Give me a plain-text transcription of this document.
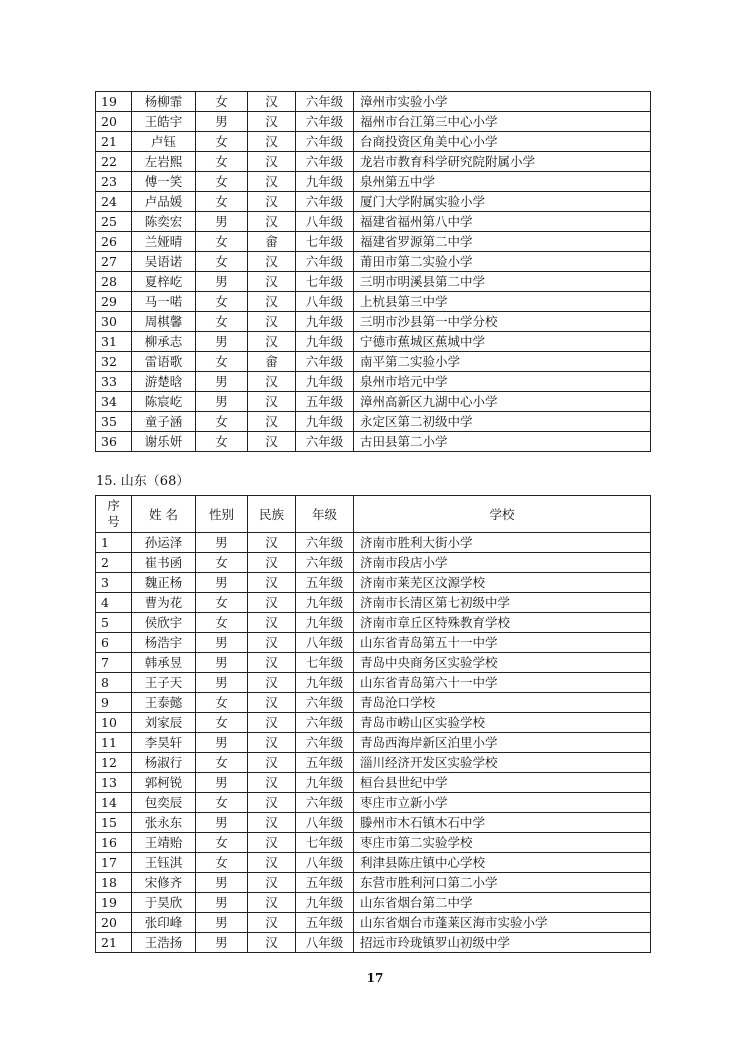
19	杨柳霏	女	汉	六年级	漳州市实验小学
20	王皓宇	男	汉	六年级	福州市台江第三中心小学
21	卢钰	女	汉	六年级	台商投资区角美中心小学
22	左岩熙	女	汉	六年级	龙岩市教育科学研究院附属小学
23	傅一笑	女	汉	九年级	泉州第五中学
24	卢品媛	女	汉	六年级	厦门大学附属实验小学
25	陈奕宏	男	汉	八年级	福建省福州第八中学
26	兰娅晴	女	畲	七年级	福建省罗源第二中学
27	吴语诺	女	汉	六年级	莆田市第二实验小学
28	夏梓屹	男	汉	七年级	三明市明溪县第二中学
29	马一喏	女	汉	八年级	上杭县第三中学
30	周棋馨	女	汉	九年级	三明市沙县第一中学分校
31	柳承志	男	汉	九年级	宁德市蕉城区蕉城中学
32	雷语歌	女	畲	六年级	南平第二实验小学
33	游楚晗	男	汉	九年级	泉州市培元中学
34	陈宸屹	男	汉	五年级	漳州高新区九湖中心小学
35	童子涵	女	汉	九年级	永定区第二初级中学
36	谢乐妍	女	汉	六年级	古田县第二小学
15. 山东（68）
序
号	姓 名	性别	民族	年级	学校
1	孙运泽	男	汉	六年级	济南市胜利大街小学
2	崔书函	女	汉	六年级	济南市段店小学
3	魏正杨	男	汉	五年级	济南市莱芜区汶源学校
4	曹为花	女	汉	九年级	济南市长清区第七初级中学
5	侯欣宇	女	汉	九年级	济南市章丘区特殊教育学校
6	杨浩宇	男	汉	八年级	山东省青岛第五十一中学
7	韩承昱	男	汉	七年级	青岛中央商务区实验学校
8	王子天	男	汉	九年级	山东省青岛第六十一中学
9	王泰懿	女	汉	六年级	青岛沧口学校
10	刘家辰	女	汉	六年级	青岛市崂山区实验学校
11	李昊轩	男	汉	六年级	青岛西海岸新区泊里小学
12	杨淑行	女	汉	五年级	淄川经济开发区实验学校
13	郭柯锐	男	汉	九年级	桓台县世纪中学
14	包奕辰	女	汉	六年级	枣庄市立新小学
15	张永东	男	汉	八年级	滕州市木石镇木石中学
16	王靖贻	女	汉	七年级	枣庄市第二实验学校
17	王钰淇	女	汉	八年级	利津县陈庄镇中心学校
18	宋修齐	男	汉	五年级	东营市胜利河口第二小学
19	于昊欣	男	汉	九年级	山东省烟台第二中学
20	张印峰	男	汉	五年级	山东省烟台市蓬莱区海市实验小学
21	王浩扬	男	汉	八年级	招远市玲珑镇罗山初级中学
17
